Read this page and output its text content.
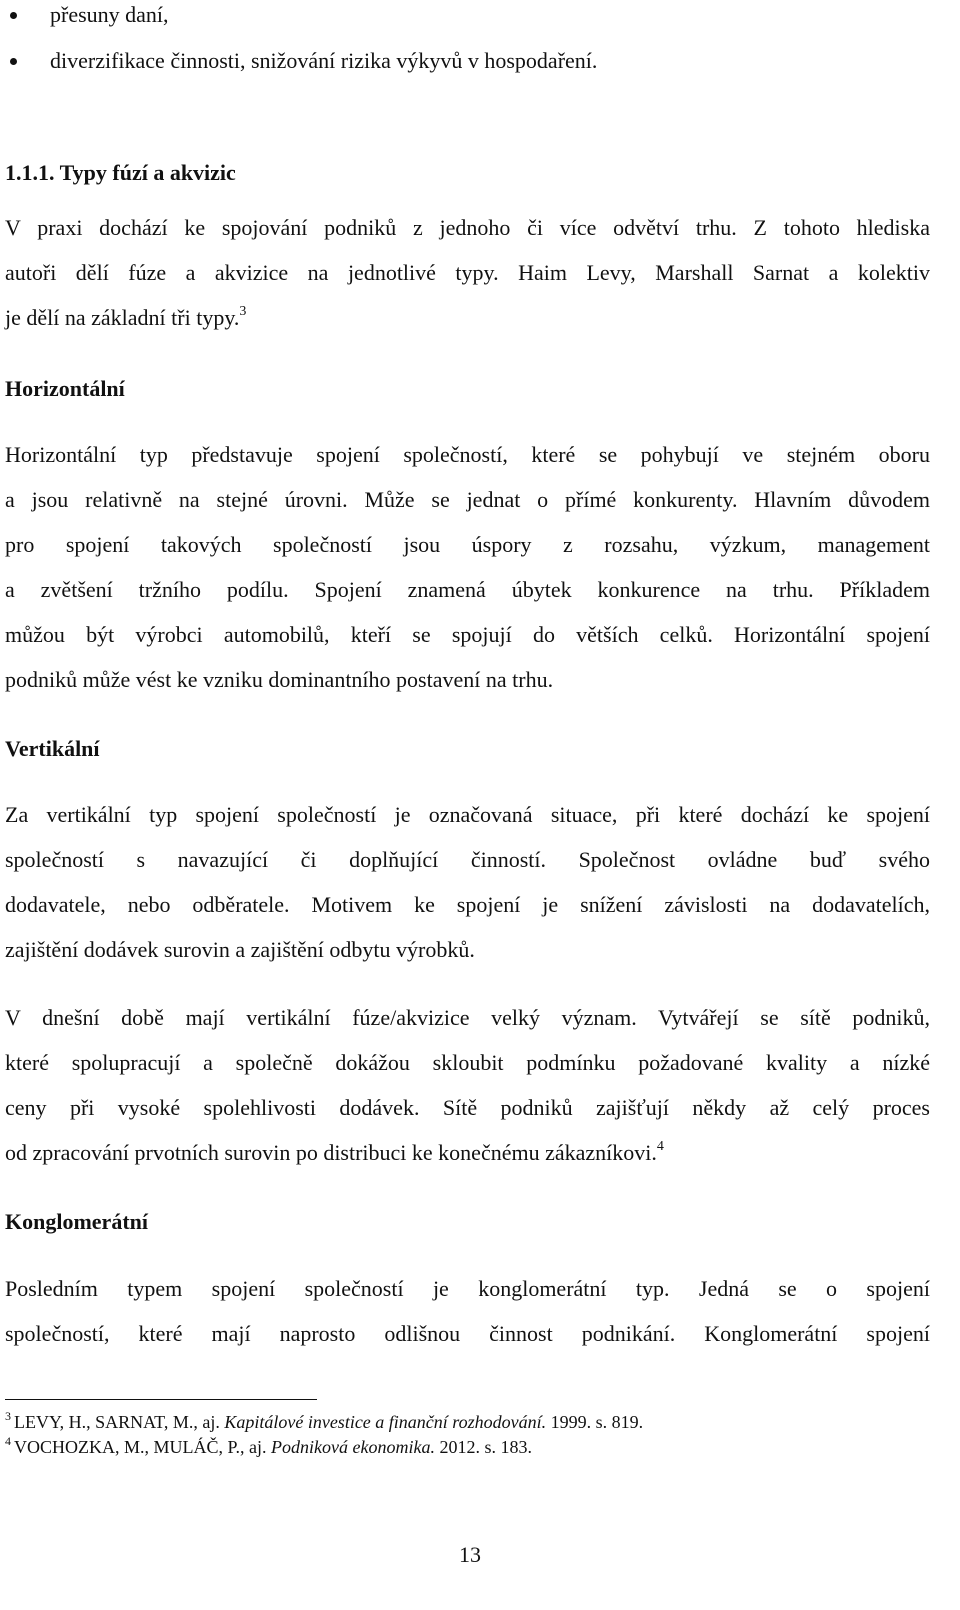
přesuny daní,
diverzifikace činnosti, snižování rizika výkyvů v hospodaření.
1.1.1. Typy fúzí a akvizic

V praxi dochází ke spojování podniků z jednoho či více odvětví trhu. Z tohoto hlediska
autoři dělí fúze a akvizice na jednotlivé typy. Haim Levy, Marshall Sarnat a kolektiv
je dělí na základní tři typy.$^3$

Horizontální

Horizontální typ představuje spojení společností, které se pohybují ve stejném oboru
a jsou relativně na stejné úrovni. Může se jednat o přímé konkurenty. Hlavním důvodem
pro spojení takových společností jsou úspory z rozsahu, výzkum, management
a zvětšení tržního podílu. Spojení znamená úbytek konkurence na trhu. Příkladem
můžou být výrobci automobilů, kteří se spojují do větších celků. Horizontální spojení
podniků může vést ke vzniku dominantního postavení na trhu.

Vertikální

Za vertikální typ spojení společností je označovaná situace, při které dochází ke spojení
společností s navazující či doplňující činností. Společnost ovládne buď svého
dodavatele, nebo odběratele. Motivem ke spojení je snížení závislosti na dodavatelích,
zajištění dodávek surovin a zajištění odbytu výrobků.

V dnešní době mají vertikální fúze/akvizice velký význam. Vytvářejí se sítě podniků,
které spolupracují a společně dokážou skloubit podmínku požadované kvality a nízké
ceny při vysoké spolehlivosti dodávek. Sítě podniků zajišťují někdy až celý proces
od zpracování prvotních surovin po distribuci ke konečnému zákazníkovi.$^4$

Konglomerátní

Posledním typem spojení společností je konglomerátní typ. Jedná se o spojení
společností, které mají naprosto odlišnou činnost podnikání. Konglomerátní spojení

$^3$ LEVY, H., SARNAT, M., aj. Kapitálové investice a finanční rozhodování. 1999. s. 819.
$^4$ VOCHOZKA, M., MULÁČ, P., aj. Podniková ekonomika. 2012. s. 183.
13
